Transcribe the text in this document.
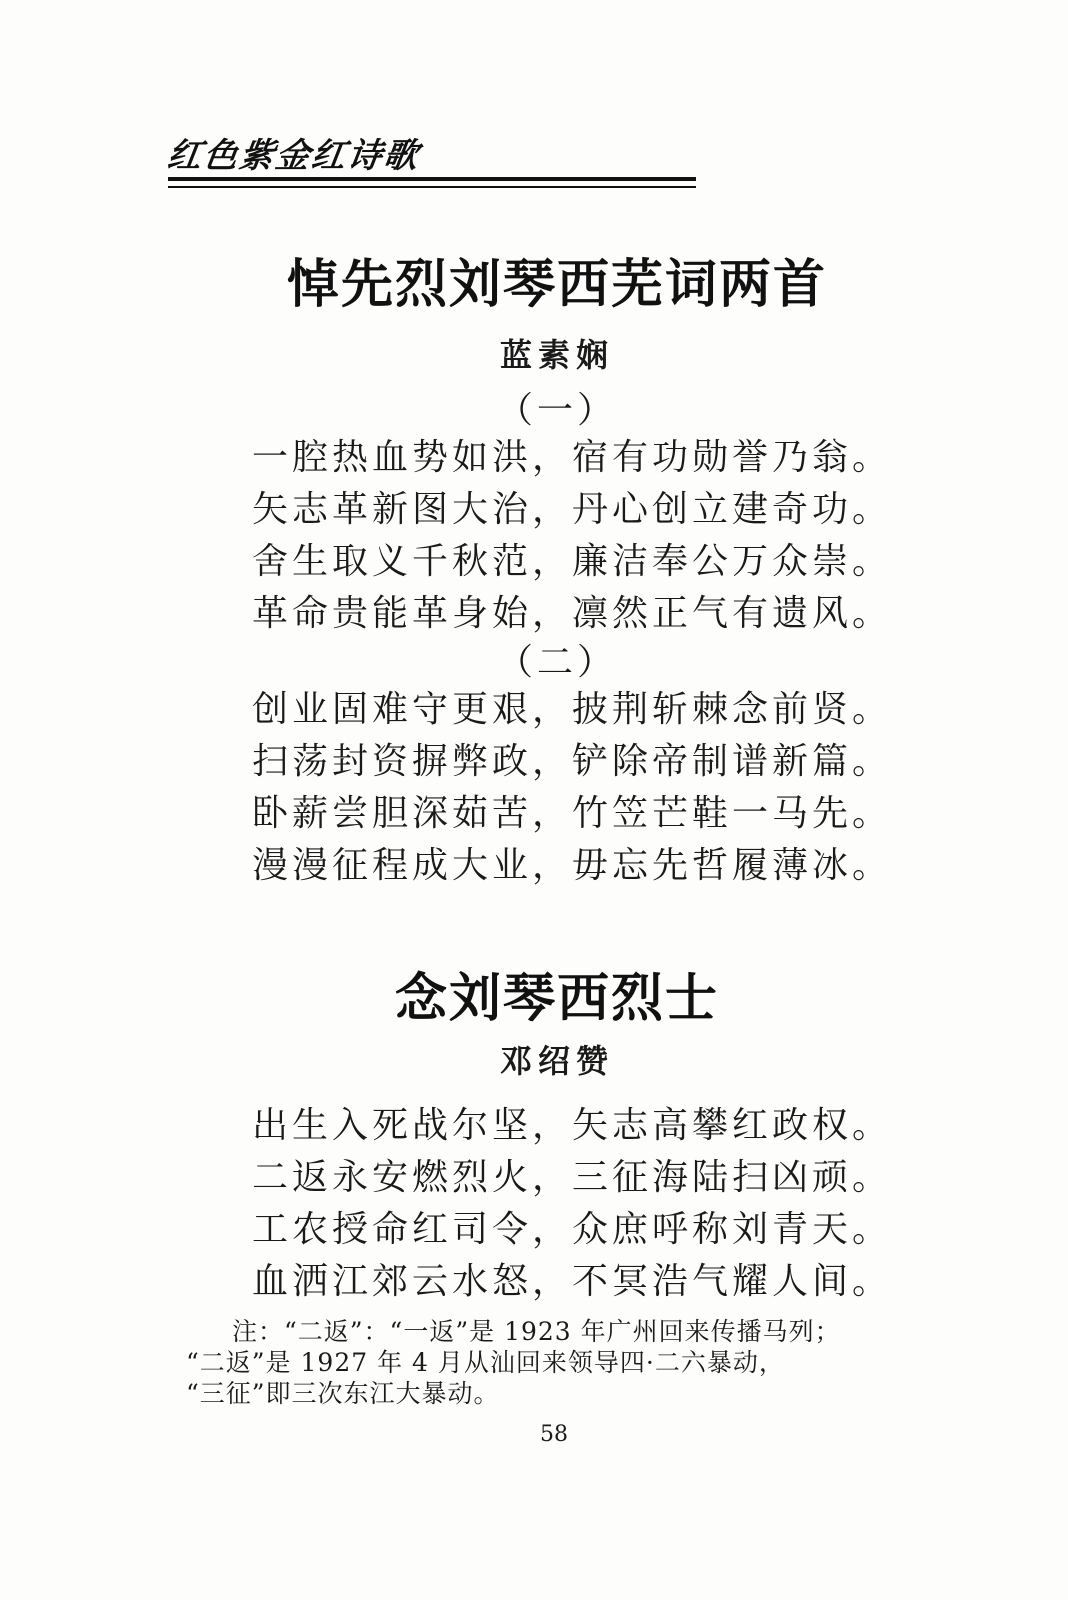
红色紫金红诗歌
悼先烈刘琴西芜词两首
蓝素娴
（一）
一腔热血势如洪，宿有功勋誉乃翁。
矢志革新图大治，丹心创立建奇功。
舍生取义千秋范，廉洁奉公万众崇。
革命贵能革身始，凛然正气有遗风。
（二）
创业固难守更艰，披荆斩棘念前贤。
扫荡封资摒弊政，铲除帝制谱新篇。
卧薪尝胆深茹苦，竹笠芒鞋一马先。
漫漫征程成大业，毋忘先哲履薄冰。
念刘琴西烈士
邓绍赞
出生入死战尔坚，矢志高攀红政权。
二返永安燃烈火，三征海陆扫凶顽。
工农授命红司令，众庶呼称刘青天。
血洒江郊云水怒，不冥浩气耀人间。
注：“二返”：“一返”是 1923 年广州回来传播马列；
“二返”是 1927 年 4 月从汕回来领导四·二六暴动，
“三征”即三次东江大暴动。
58
